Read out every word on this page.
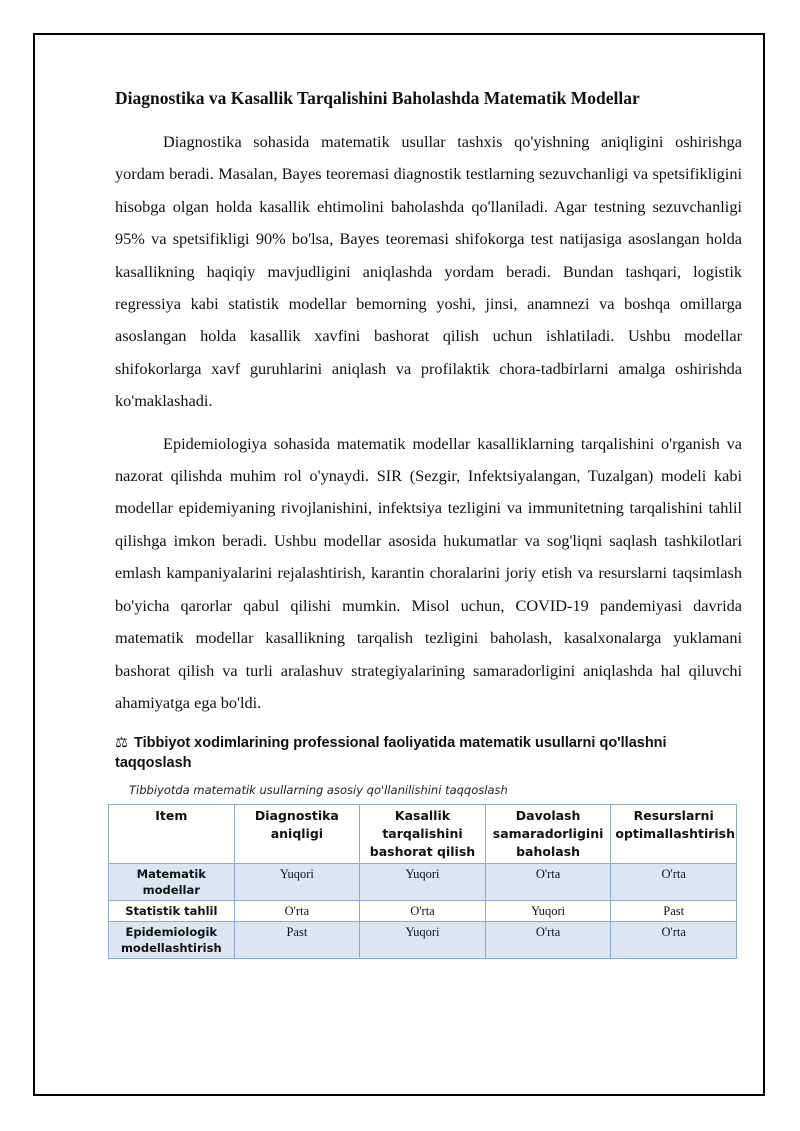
Diagnostika va Kasallik Tarqalishini Baholashda Matematik Modellar

Diagnostika sohasida matematik usullar tashxis qo'yishning aniqligini oshirishga yordam beradi. Masalan, Bayes teoremasi diagnostik testlarning sezuvchanligi va spetsifikligini hisobga olgan holda kasallik ehtimolini baholashda qo'llaniladi. Agar testning sezuvchanligi 95% va spetsifikligi 90% bo'lsa, Bayes teoremasi shifokorga test natijasiga asoslangan holda kasallikning haqiqiy mavjudligini aniqlashda yordam beradi. Bundan tashqari, logistik regressiya kabi statistik modellar bemorning yoshi, jinsi, anamnezi va boshqa omillarga asoslangan holda kasallik xavfini bashorat qilish uchun ishlatiladi. Ushbu modellar shifokorlarga xavf guruhlarini aniqlash va profilaktik chora-tadbirlarni amalga oshirishda ko'maklashadi.

Epidemiologiya sohasida matematik modellar kasalliklarning tarqalishini o'rganish va nazorat qilishda muhim rol o'ynaydi. SIR (Sezgir, Infektsiyalangan, Tuzalgan) modeli kabi modellar epidemiyaning rivojlanishini, infektsiya tezligini va immunitetning tarqalishini tahlil qilishga imkon beradi. Ushbu modellar asosida hukumatlar va sog'liqni saqlash tashkilotlari emlash kampaniyalarini rejalashtirish, karantin choralarini joriy etish va resurslarni taqsimlash bo'yicha qarorlar qabul qilishi mumkin. Misol uchun, COVID-19 pandemiyasi davrida matematik modellar kasallikning tarqalish tezligini baholash, kasalxonalarga yuklamani bashorat qilish va turli aralashuv strategiyalarining samaradorligini aniqlashda hal qiluvchi ahamiyatga ega bo'ldi.

⚖ Tibbiyot xodimlarining professional faoliyatida matematik usullarni qo'llashni taqqoslash
Tibbiyotda matematik usullarning asosiy qo'llanilishini taqqoslash
Item	Diagnostika aniqligi	Kasallik tarqalishini bashorat qilish	Davolash samaradorligini baholash	Resurslarni optimallashtirish
Matematik modellar	Yuqori	Yuqori	O'rta	O'rta
Statistik tahlil	O'rta	O'rta	Yuqori	Past
Epidemiologik modellashtirish	Past	Yuqori	O'rta	O'rta
